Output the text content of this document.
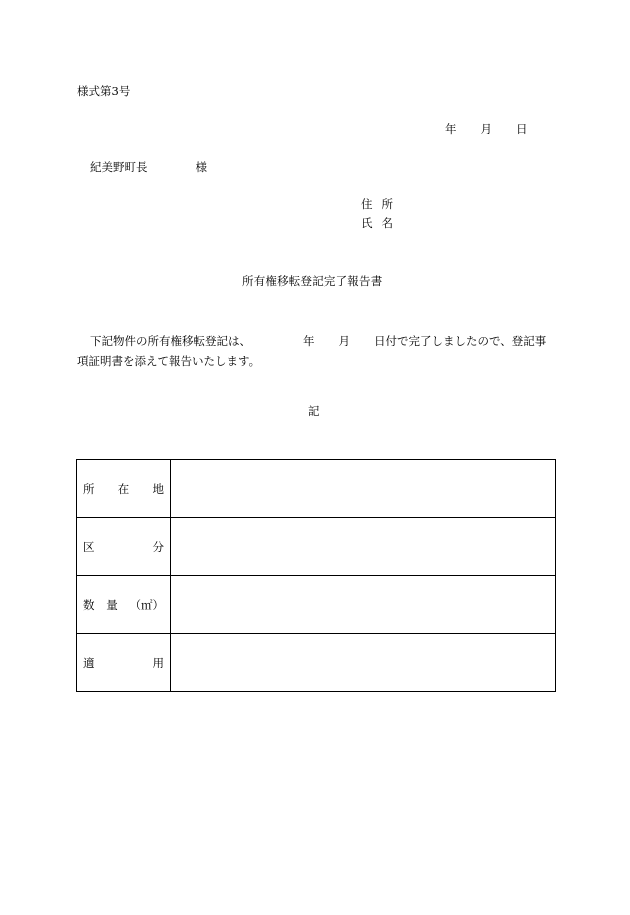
様式第3号
年 月 日
紀美野町長	様
住 所
氏 名
所有権移転登記完了報告書
下記物件の所有権移転登記は、	年 月 日付で完了しましたので、登記事項証明書を添えて報告いたします。
記
所 在 地	

区 分	

数 量 （㎡）	

適 用	
